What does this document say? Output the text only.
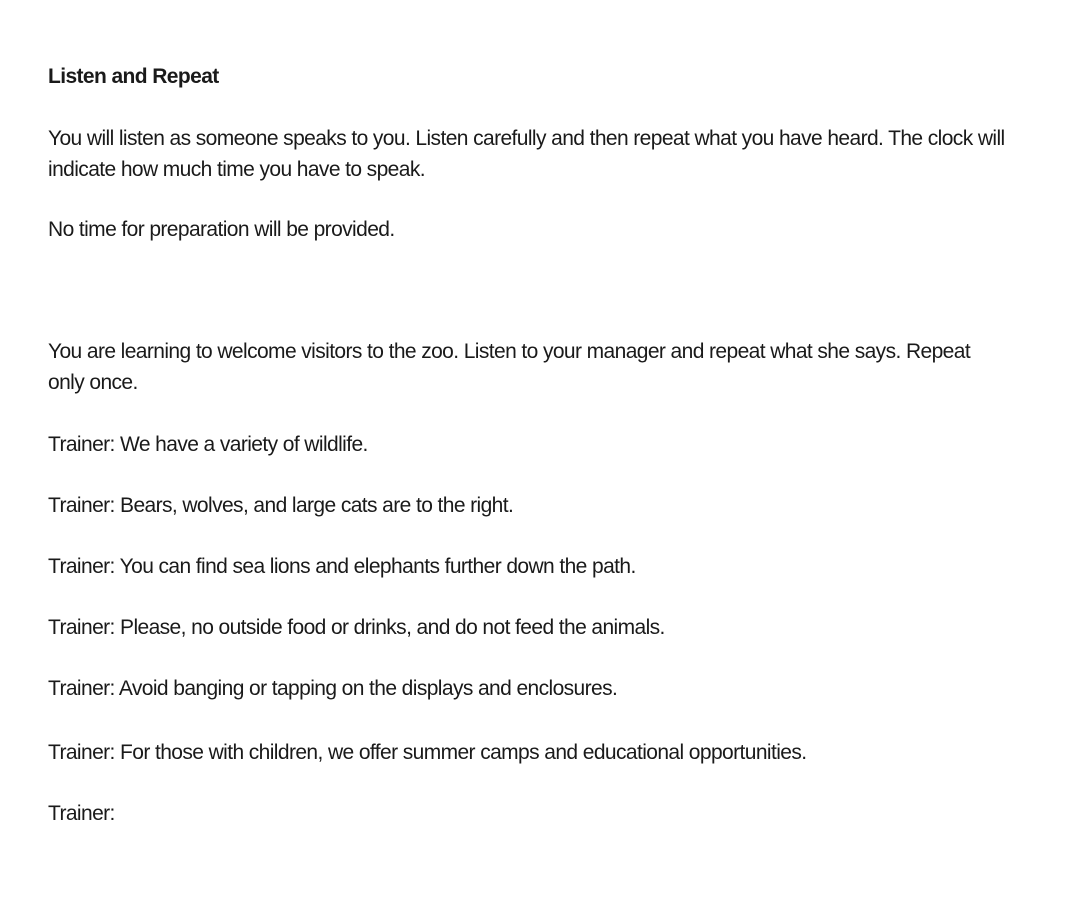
Listen and Repeat

You will listen as someone speaks to you. Listen carefully and then repeat what you have heard. The clock will indicate how much time you have to speak.

No time for preparation will be provided.

You are learning to welcome visitors to the zoo. Listen to your manager and repeat what she says. Repeat only once.

Trainer: We have a variety of wildlife.

Trainer: Bears, wolves, and large cats are to the right.

Trainer: You can find sea lions and elephants further down the path.

Trainer: Please, no outside food or drinks, and do not feed the animals.

Trainer: Avoid banging or tapping on the displays and enclosures.

Trainer: For those with children, we offer summer camps and educational opportunities.

Trainer:
